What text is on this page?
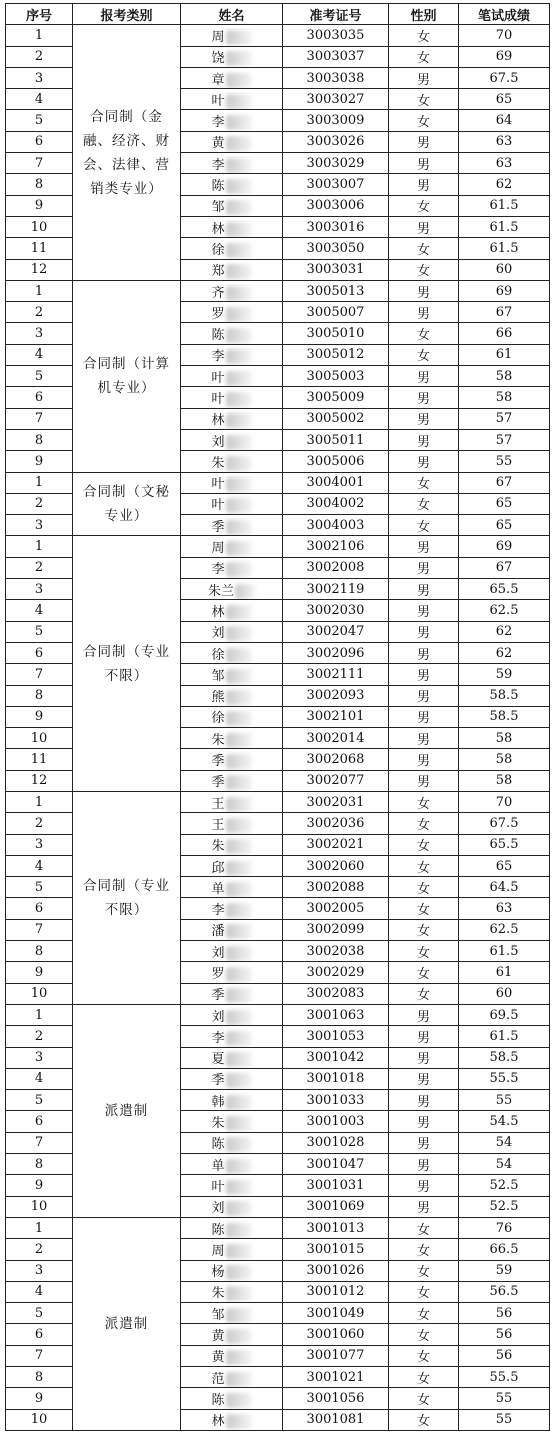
序号	报考类别	姓名	准考证号	性别	笔试成绩
1	合同制（金融、经济、财会、法律、营销类专业）	周	3003035	女	70
2		饶	3003037	女	69
3		章	3003038	男	67.5
4		叶	3003027	女	65
5		李	3003009	女	64
6		黄	3003026	男	63
7		李	3003029	男	63
8		陈	3003007	男	62
9		邹	3003006	女	61.5
10		林	3003016	男	61.5
11		徐	3003050	女	61.5
12		郑	3003031	女	60
1	合同制（计算机专业）	齐	3005013	男	69
2		罗	3005007	男	67
3		陈	3005010	女	66
4		李	3005012	女	61
5		叶	3005003	男	58
6		叶	3005009	男	58
7		林	3005002	男	57
8		刘	3005011	男	57
9		朱	3005006	男	55
1	合同制（文秘专业）	叶	3004001	女	67
2		叶	3004002	女	65
3		季	3004003	女	65
1	合同制（专业不限）	周	3002106	男	69
2		李	3002008	男	67
3		朱兰	3002119	男	65.5
4		林	3002030	男	62.5
5		刘	3002047	男	62
6		徐	3002096	男	62
7		邹	3002111	男	59
8		熊	3002093	男	58.5
9		徐	3002101	男	58.5
10		朱	3002014	男	58
11		季	3002068	男	58
12		季	3002077	男	58
1	合同制（专业不限）	王	3002031	女	70
2		王	3002036	女	67.5
3		朱	3002021	女	65.5
4		邱	3002060	女	65
5		单	3002088	女	64.5
6		李	3002005	女	63
7		潘	3002099	女	62.5
8		刘	3002038	女	61.5
9		罗	3002029	女	61
10		季	3002083	女	60
1	派遣制	刘	3001063	男	69.5
2		李	3001053	男	61.5
3		夏	3001042	男	58.5
4		季	3001018	男	55.5
5		韩	3001033	男	55
6		朱	3001003	男	54.5
7		陈	3001028	男	54
8		单	3001047	男	54
9		叶	3001031	男	52.5
10		刘	3001069	男	52.5
1	派遣制	陈	3001013	女	76
2		周	3001015	女	66.5
3		杨	3001026	女	59
4		朱	3001012	女	56.5
5		邹	3001049	女	56
6		黄	3001060	女	56
7		黄	3001077	女	56
8		范	3001021	女	55.5
9		陈	3001056	女	55
10		林	3001081	女	55
